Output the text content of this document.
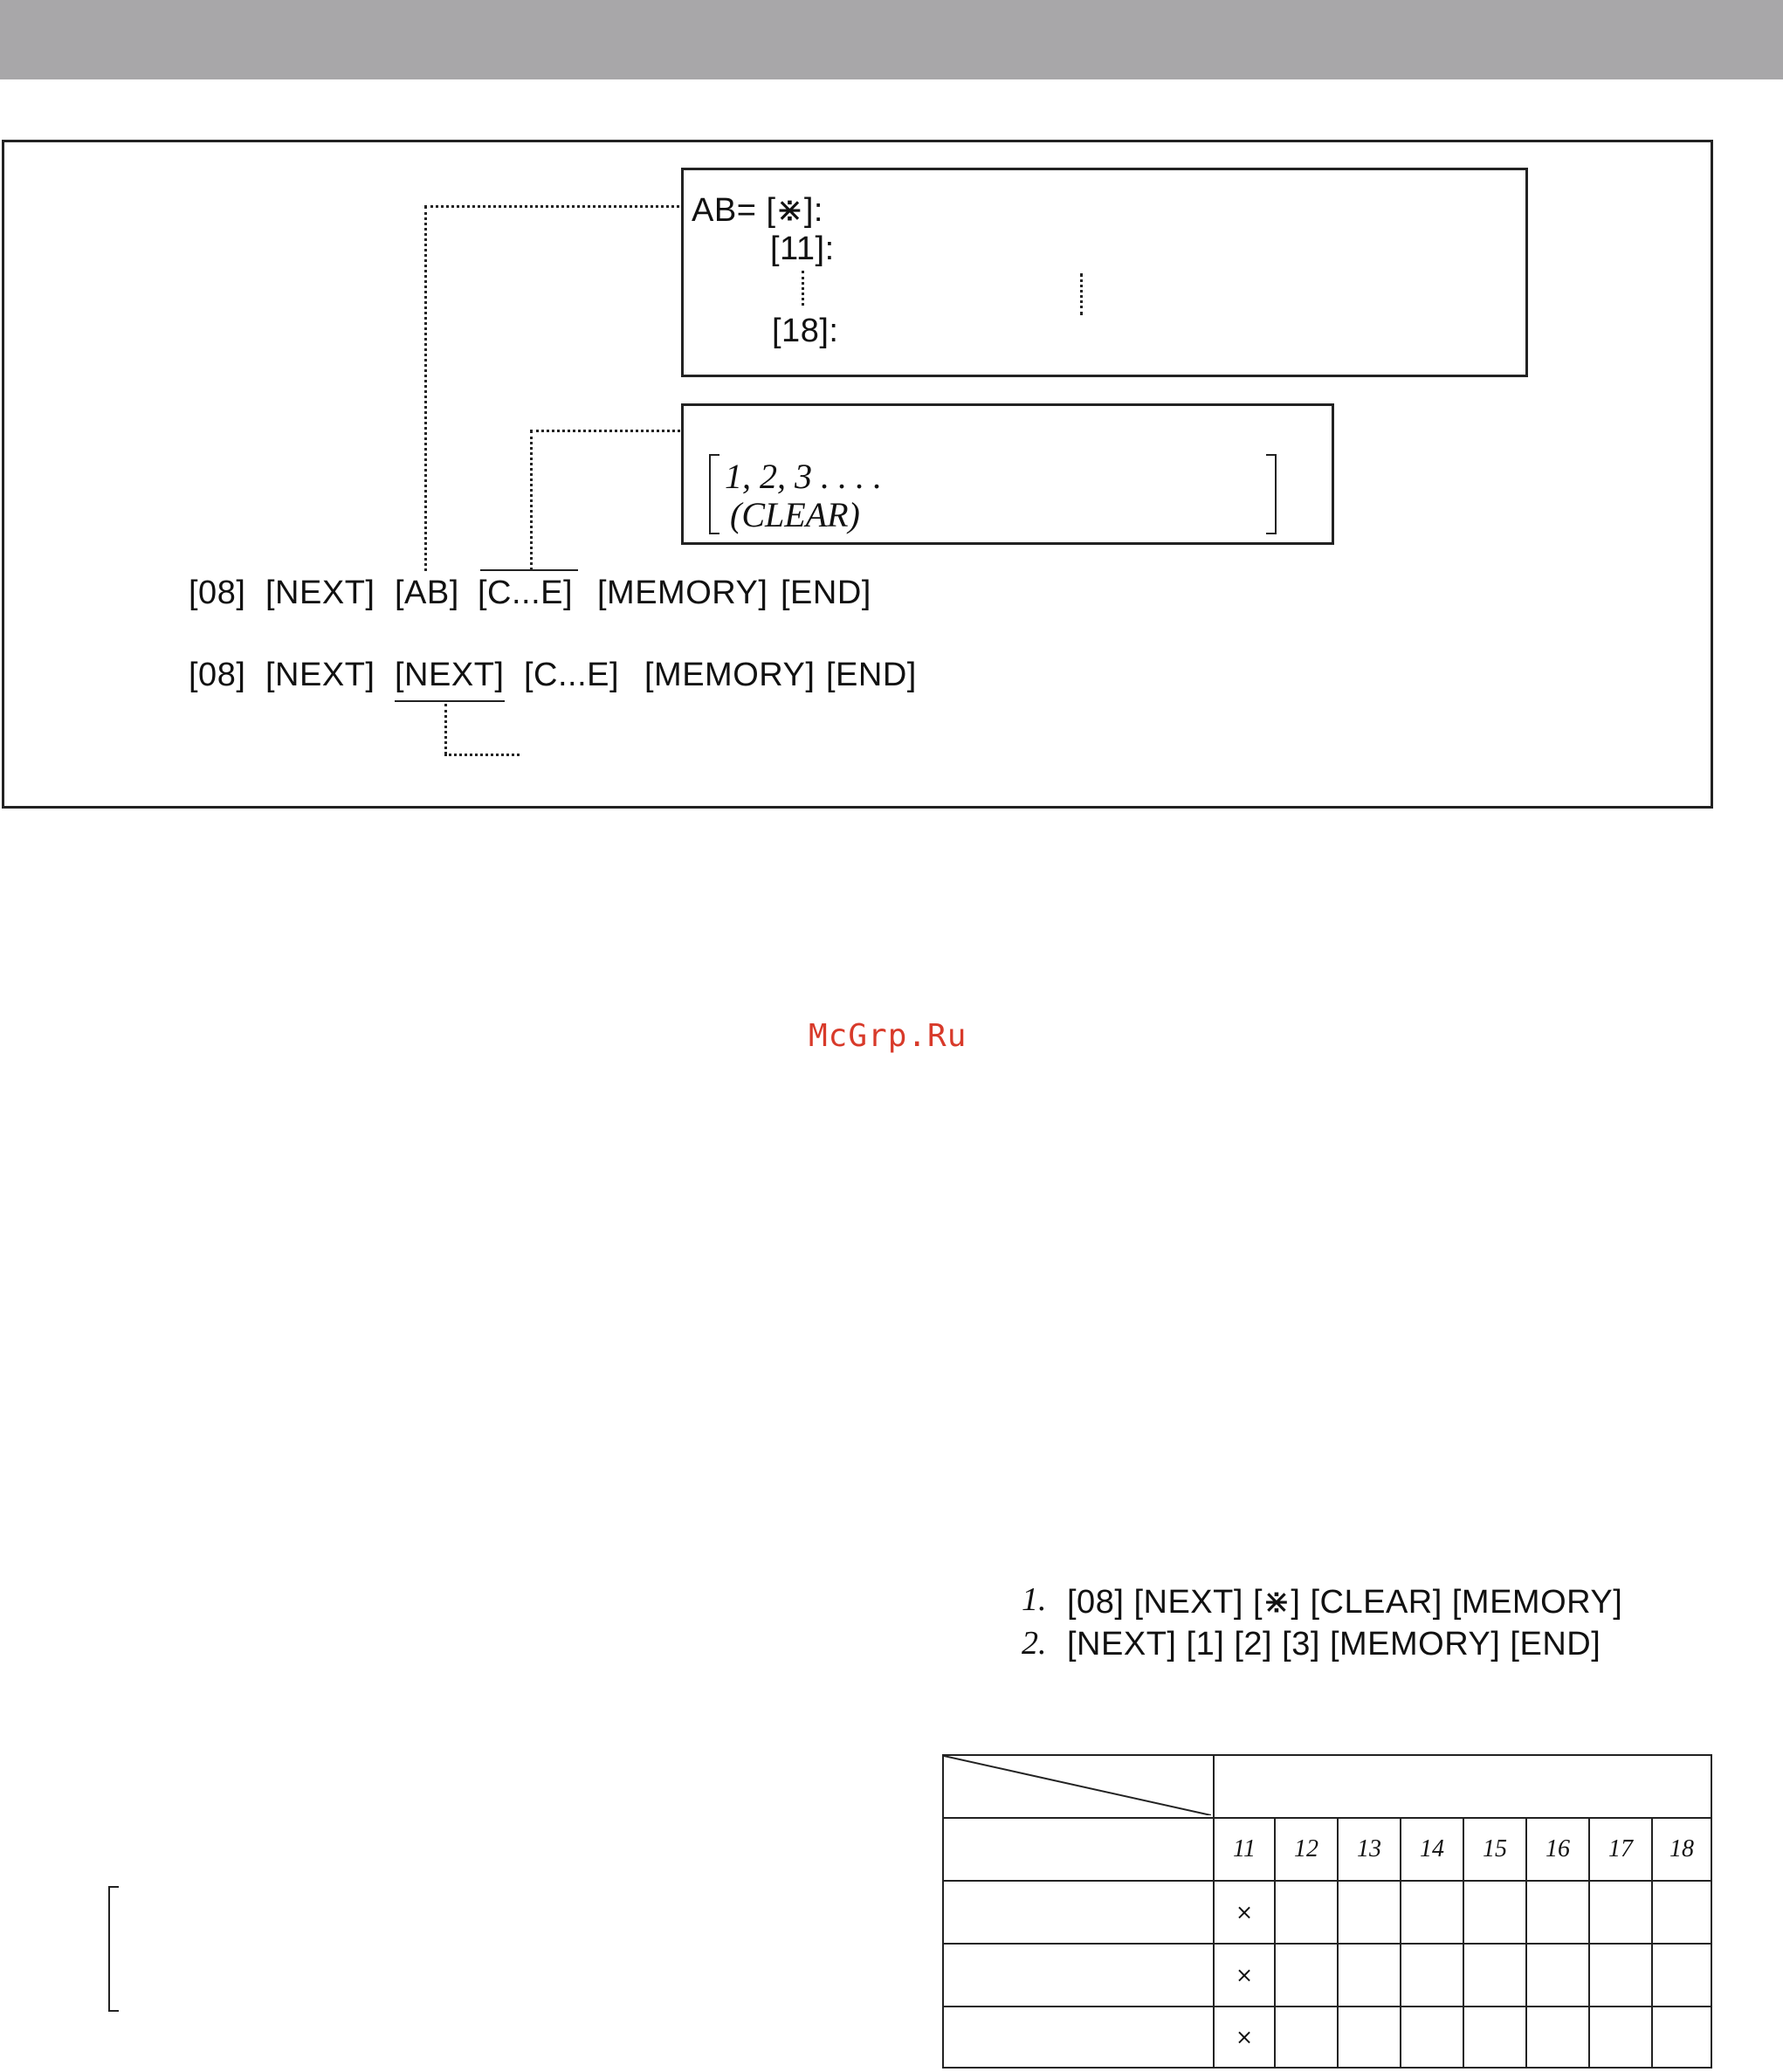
AB= [⋇]:
[11]:
[18]:
1, 2, 3 . . . .
(CLEAR)
[08] [NEXT] [AB] [C...E] [MEMORY] [END]
[08] [NEXT] [NEXT] [C...E] [MEMORY] [END]
McGrp.Ru
1. [08] [NEXT] [⋇] [CLEAR] [MEMORY]
2. [NEXT] [1] [2] [3] [MEMORY] [END]

	11	12	13	14	15	16	17	18
	×							
	×							
	×							
